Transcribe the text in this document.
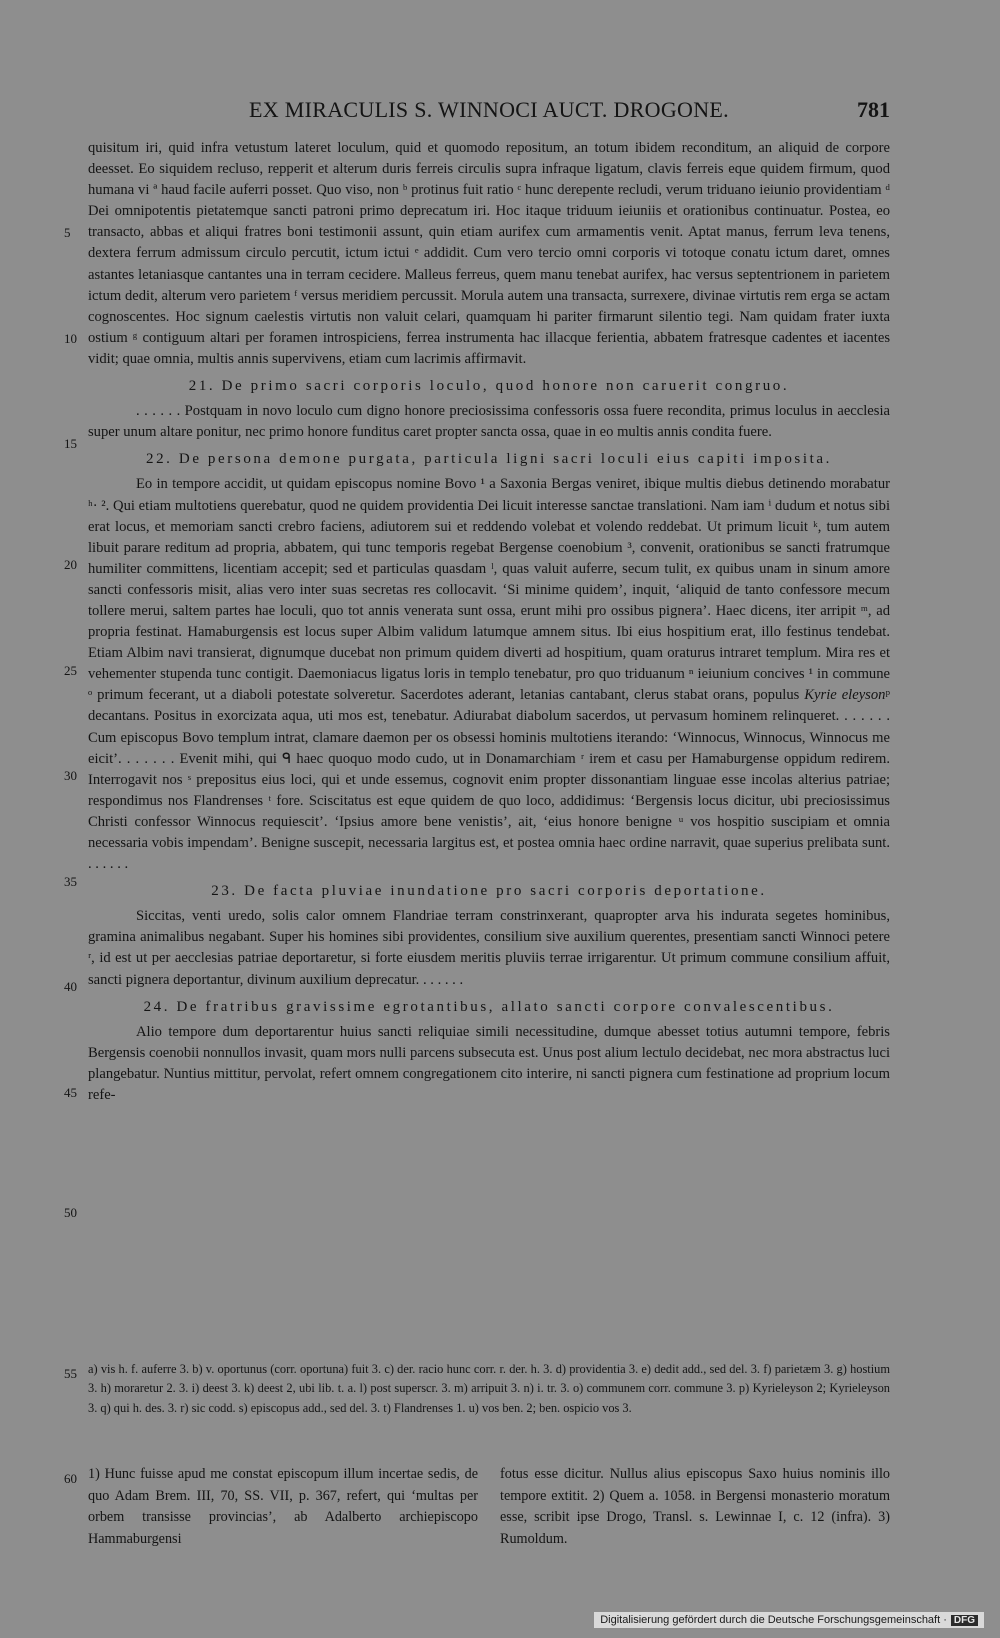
EX MIRACULIS S. WINNOCI AUCT. DROGONE.	781
5
10
15
20
25
30
35
40
45
50
55
60

quisitum iri, quid infra vetustum lateret loculum, quid et quomodo repositum, an totum ibidem reconditum, an aliquid de corpore deesset. Eo siquidem recluso, repperit et alterum duris ferreis circulis supra infraque ligatum, clavis ferreis eque quidem firmum, quod humana vi ª haud facile auferri posset. Quo viso, non ᵇ protinus fuit ratio ᶜ hunc derepente recludi, verum triduano ieiunio providentiam ᵈ Dei omnipotentis pietatemque sancti patroni primo deprecatum iri. Hoc itaque triduum ieiuniis et orationibus continuatur. Postea, eo transacto, abbas et aliqui fratres boni testimonii assunt, quin etiam aurifex cum armamentis venit. Aptat manus, ferrum leva tenens, dextera ferrum admissum circulo percutit, ictum ictui ᵉ addidit. Cum vero tercio omni corporis vi totoque conatu ictum daret, omnes astantes letaniasque cantantes una in terram cecidere. Malleus ferreus, quem manu tenebat aurifex, hac versus septentrionem in parietem ictum dedit, alterum vero parietem ᶠ versus meridiem percussit. Morula autem una transacta, surrexere, divinae virtutis rem erga se actam cognoscentes. Hoc signum caelestis virtutis non valuit celari, quamquam hi pariter firmarunt silentio tegi. Nam quidam frater iuxta ostium ᵍ contiguum altari per foramen introspiciens, ferrea instrumenta hac illacque ferientia, abbatem fratresque cadentes et iacentes vidit; quae omnia, multis annis supervivens, etiam cum lacrimis affirmavit.

21. De primo sacri corporis loculo, quod honore non caruerit congruo.

. . . . . . Postquam in novo loculo cum digno honore preciosissima confessoris ossa fuere recondita, primus loculus in aecclesia super unum altare ponitur, nec primo honore funditus caret propter sancta ossa, quae in eo multis annis condita fuere.

22. De persona demone purgata, particula ligni sacri loculi eius capiti imposita.

Eo in tempore accidit, ut quidam episcopus nomine Bovo ¹ a Saxonia Bergas veniret, ibique multis diebus detinendo morabatur ʰ· ². Qui etiam multotiens querebatur, quod ne quidem providentia Dei licuit interesse sanctae translationi. Nam iam ⁱ dudum et notus sibi erat locus, et memoriam sancti crebro faciens, adiutorem sui et reddendo volebat et volendo reddebat. Ut primum licuit ᵏ, tum autem libuit parare reditum ad propria, abbatem, qui tunc temporis regebat Bergense coenobium ³, convenit, orationibus se sancti fratrumque humiliter committens, licentiam accepit; sed et particulas quasdam ˡ, quas valuit auferre, secum tulit, ex quibus unam in sinum amore sancti confessoris misit, alias vero inter suas secretas res collocavit. ‘Si minime quidem’, inquit, ‘aliquid de tanto confessore mecum tollere merui, saltem partes hae loculi, quo tot annis venerata sunt ossa, erunt mihi pro ossibus pignera’. Haec dicens, iter arripit ᵐ, ad propria festinat. Hamaburgensis est locus super Albim validum latumque amnem situs. Ibi eius hospitium erat, illo festinus tendebat. Etiam Albim navi transierat, dignumque ducebat non primum quidem diverti ad hospitium, quam oraturus intraret templum. Mira res et vehementer stupenda tunc contigit. Daemoniacus ligatus loris in templo tenebatur, pro quo triduanum ⁿ ieiunium concives ¹ in commune ᵒ primum fecerant, ut a diaboli potestate solveretur. Sacerdotes aderant, letanias cantabant, clerus stabat orans, populus Kyrie eleysonᵖ decantans. Positus in exorcizata aqua, uti mos est, tenebatur. Adiurabat diabolum sacerdos, ut pervasum hominem relinqueret. . . . . . . Cum episcopus Bovo templum intrat, clamare daemon per os obsessi hominis multotiens iterando: ‘Winnocus, Winnocus, Winnocus me eicit’. . . . . . . Evenit mihi, qui ᑫ haec quoquo modo cudo, ut in Donamarchiam ʳ irem et casu per Hamaburgense oppidum redirem. Interrogavit nos ˢ prepositus eius loci, qui et unde essemus, cognovit enim propter dissonantiam linguae esse incolas alterius patriae; respondimus nos Flandrenses ᵗ fore. Sciscitatus est eque quidem de quo loco, addidimus: ‘Bergensis locus dicitur, ubi preciosissimus Christi confessor Winnocus requiescit’. ‘Ipsius amore bene venistis’, ait, ‘eius honore benigne ᵘ vos hospitio suscipiam et omnia necessaria vobis impendam’. Benigne suscepit, necessaria largitus est, et postea omnia haec ordine narravit, quae superius prelibata sunt. . . . . . .

23. De facta pluviae inundatione pro sacri corporis deportatione.

Siccitas, venti uredo, solis calor omnem Flandriae terram constrinxerant, quapropter arva his indurata segetes hominibus, gramina animalibus negabant. Super his homines sibi providentes, consilium sive auxilium querentes, presentiam sancti Winnoci petere ʳ, id est ut per aecclesias patriae deportaretur, si forte eiusdem meritis pluviis terrae irrigarentur. Ut primum commune consilium affuit, sancti pignera deportantur, divinum auxilium deprecatur. . . . . . .

24. De fratribus gravissime egrotantibus, allato sancti corpore convalescentibus.

Alio tempore dum deportarentur huius sancti reliquiae simili necessitudine, dumque abesset totius autumni tempore, febris Bergensis coenobii nonnullos invasit, quam mors nulli parcens subsecuta est. Unus post alium lectulo decidebat, nec mora abstractus luci plangebatur. Nuntius mittitur, pervolat, refert omnem congregationem cito interire, ni sancti pignera cum festinatione ad proprium locum refe-

a) vis h. f. auferre 3. b) v. oportunus (corr. oportuna) fuit 3. c) der. racio hunc corr. r. der. h. 3. d) providentia 3. e) dedit add., sed del. 3. f) parietæm 3. g) hostium 3. h) morаretur 2. 3. i) deest 3. k) deest 2, ubi lib. t. a. l) post superscr. 3. m) arripuit 3. n) i. tr. 3. o) communem corr. commune 3. p) Kyrieleyson 2; Kyrieleyson 3. q) qui h. des. 3. r) sic codd. s) episcopus add., sed del. 3. t) Flandrenses 1. u) vos ben. 2; ben. ospicio vos 3.
1) Hunc fuisse apud me constat episcopum illum incertae sedis, de quo Adam Brem. III, 70, SS. VII, p. 367, refert, qui ‘multas per orbem transisse provincias’, ab Adalberto archiepiscopo Hammaburgensi
fotus esse dicitur. Nullus alius episcopus Saxo huius nominis illo tempore extitit. 2) Quem a. 1058. in Bergensi monasterio moratum esse, scribit ipse Drogo, Transl. s. Lewinnae I, c. 12 (infra). 3) Rumoldum.
Digitalisierung gefördert durch die Deutsche Forschungsgemeinschaft · DFG
